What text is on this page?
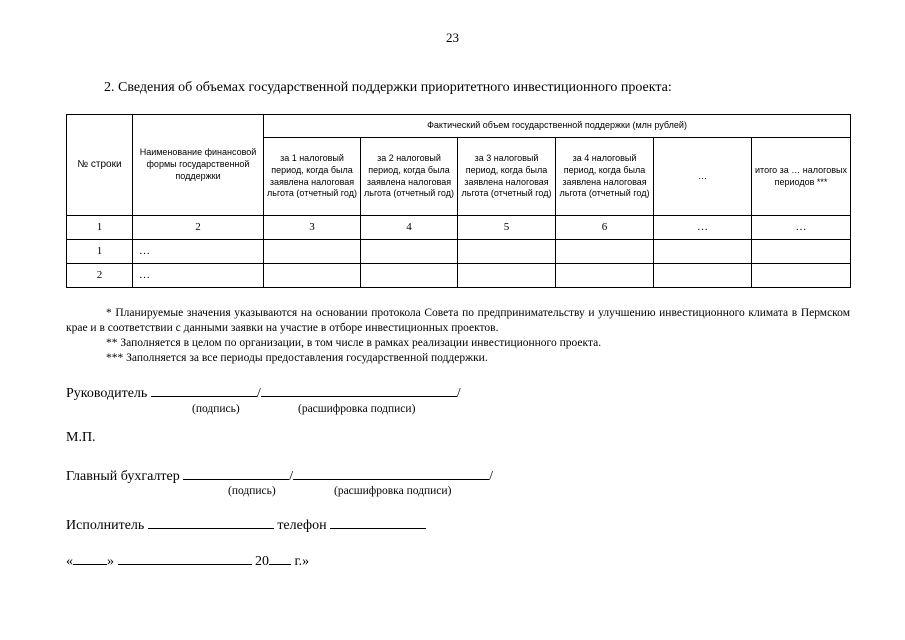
23
2. Сведения об объемах государственной поддержки приоритетного инвестиционного проекта:
№ строки	Наименование финансовой формы государственной поддержки	Фактический объем государственной поддержки (млн рублей)					
		за 1 налоговый период, когда была заявлена налоговая льгота (отчетный год)	за 2 налоговый период, когда была заявлена налоговая льгота (отчетный год)	за 3 налоговый период, когда была заявлена налоговая льгота (отчетный год)	за 4 налоговый период, когда была заявлена налоговая льгота (отчетный год)	…	итого за … налоговых периодов ***
1	2	3	4	5	6	…	…
1	…						
2	…						

* Планируемые значения указываются на основании протокола Совета по предпринимательству и улучшению инвестиционного климата в Пермском крае и в соответствии с данными заявки на участие в отборе инвестиционных проектов.

** Заполняется в целом по организации, в том числе в рамках реализации инвестиционного проекта.

*** Заполняется за все периоды предоставления государственной поддержки.

Руководитель	/	/
(подпись)	(расшифровка подписи)
М.П.
Главный бухгалтер	/	/
(подпись)	(расшифровка подписи)
Исполнитель	телефон
« »	20 г.»
